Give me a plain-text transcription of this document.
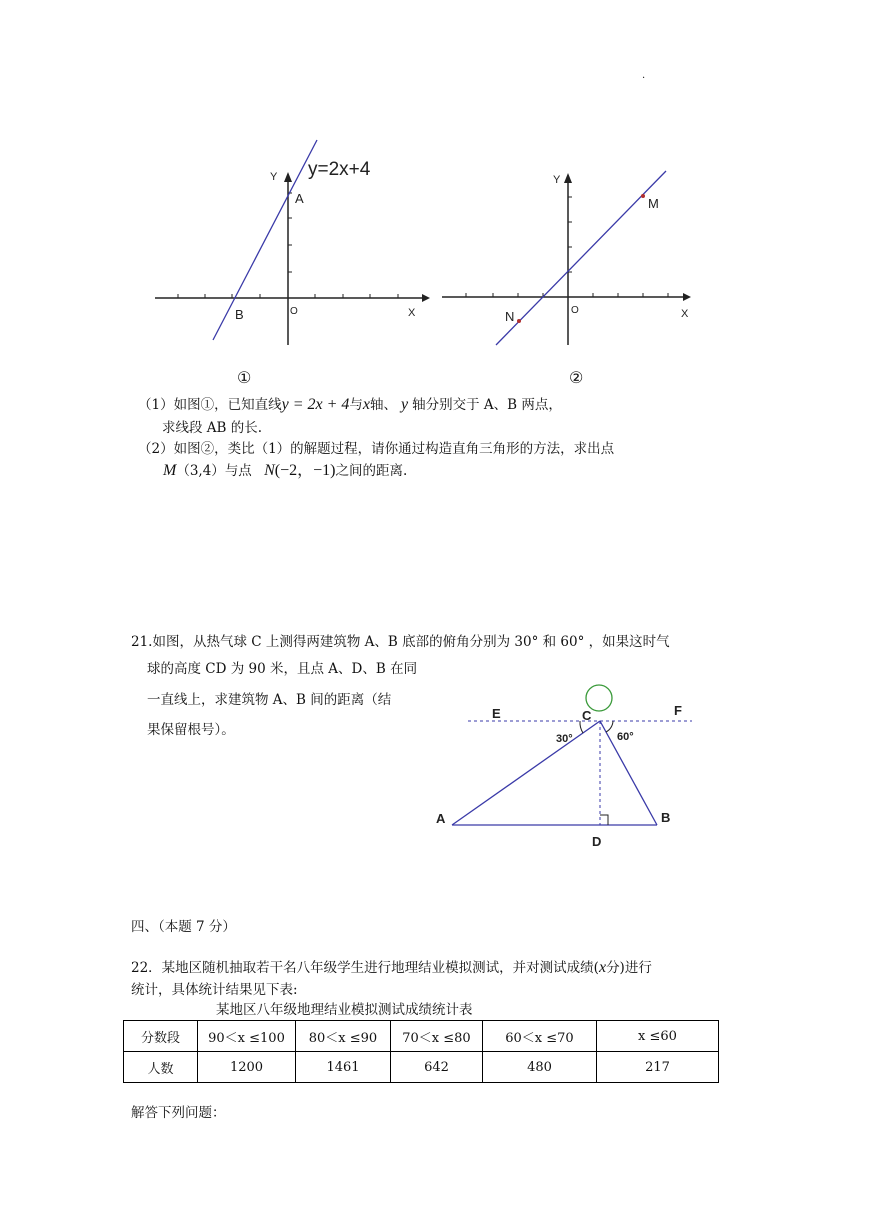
.
y=2x+4
Y
X
O
A
B
①
Y
X
O
M
N
②
（1）如图①，已知直线y = 2x + 4与x轴、 y 轴分别交于 A、B 两点，
求线段 AB 的长.
（2）如图②，类比（1）的解题过程，请你通过构造直角三角形的方法，求出点
M（3,4）与点 N(−2，−1)之间的距离.
21.如图，从热气球 C 上测得两建筑物 A、B 底部的俯角分别为 30° 和 60° ，如果这时气
球的高度 CD 为 90 米，且点 A、D、B 在同
一直线上，求建筑物 A、B 间的距离（结
果保留根号）。
E	C	F
30°	60°
A	B
D
四、（本题 7 分）
22．某地区随机抽取若干名八年级学生进行地理结业模拟测试，并对测试成绩(x分)进行
统计，具体统计结果见下表:
某地区八年级地理结业模拟测试成绩统计表
分数段	90＜x ≤100	80＜x ≤90	70＜x ≤80	60＜x ≤70	x ≤60
人数	1200	1461	642	480	217
解答下列问题：
